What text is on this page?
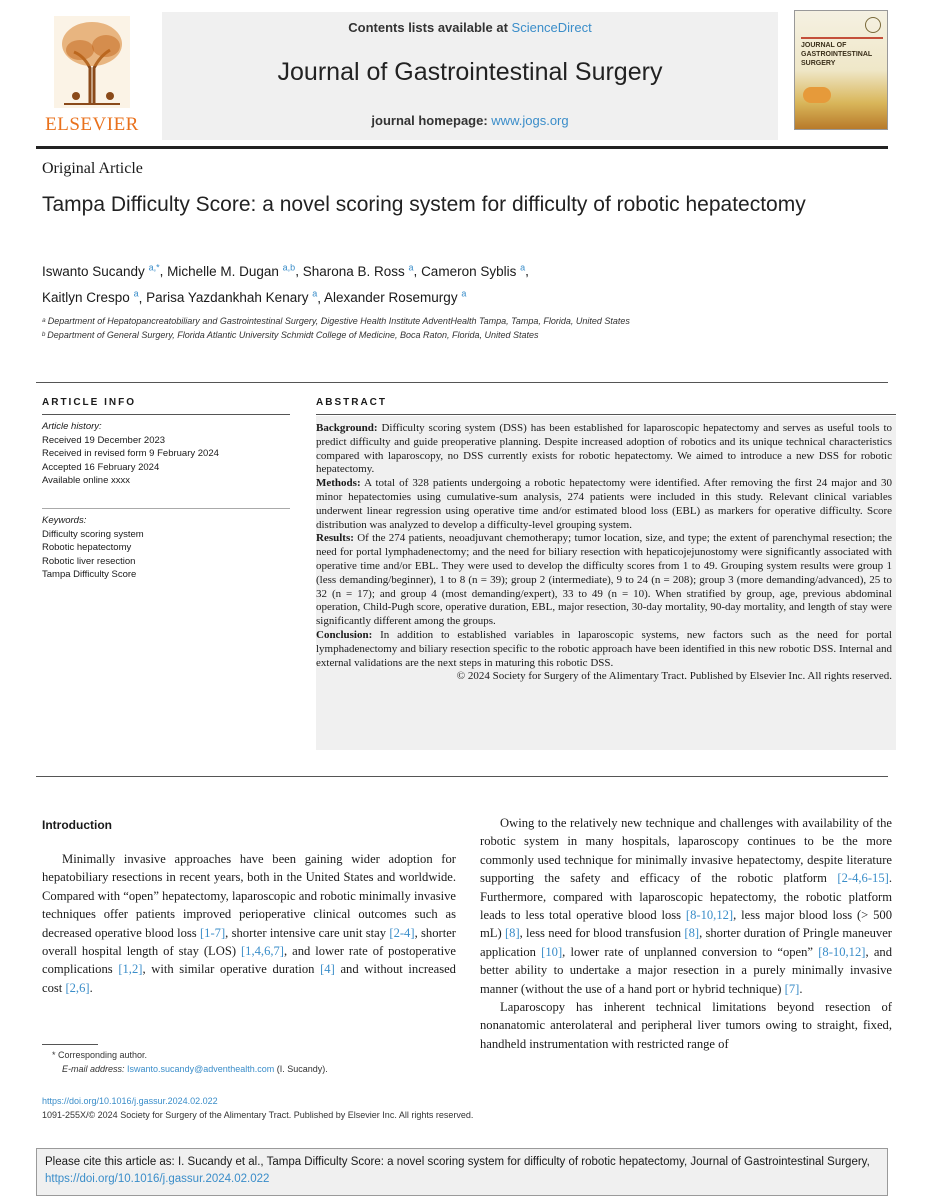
ELSEVIER
Contents lists available at ScienceDirect
Journal of Gastrointestinal Surgery
journal homepage: www.jogs.org
JOURNAL OF GASTROINTESTINAL SURGERY
Original Article
Tampa Difficulty Score: a novel scoring system for difficulty of robotic hepatectomy
Iswanto Sucandy $^{a,*}$, Michelle M. Dugan $^{a,b}$, Sharona B. Ross $^a$, Cameron Syblis $^a$,
Kaitlyn Crespo $^a$, Parisa Yazdankhah Kenary $^a$, Alexander Rosemurgy $^a$
ᵃ Department of Hepatopancreatobiliary and Gastrointestinal Surgery, Digestive Health Institute AdventHealth Tampa, Tampa, Florida, United States
ᵇ Department of General Surgery, Florida Atlantic University Schmidt College of Medicine, Boca Raton, Florida, United States
ARTICLE INFO
Article history:
Received 19 December 2023
Received in revised form 9 February 2024
Accepted 16 February 2024
Available online xxxx
Keywords:
Difficulty scoring system
Robotic hepatectomy
Robotic liver resection
Tampa Difficulty Score
ABSTRACT

Background: Difficulty scoring system (DSS) has been established for laparoscopic hepatectomy and serves as useful tools to predict difficulty and guide preoperative planning. Despite increased adoption of robotics and its unique technical characteristics compared with laparoscopy, no DSS currently exists for robotic hepatectomy. We aimed to introduce a new DSS for robotic hepatectomy.

Methods: A total of 328 patients undergoing a robotic hepatectomy were identified. After removing the first 24 major and 30 minor hepatectomies using cumulative-sum analysis, 274 patients were included in this study. Relevant clinical variables underwent linear regression using operative time and/or estimated blood loss (EBL) as markers for operative difficulty. Score distribution was analyzed to develop a difficulty-level grouping system.

Results: Of the 274 patients, neoadjuvant chemotherapy; tumor location, size, and type; the extent of parenchymal resection; the need for portal lymphadenectomy; and the need for biliary resection with hepaticojejunostomy were significantly associated with operative time and/or EBL. They were used to develop the difficulty scores from 1 to 49. Grouping system results were group 1 (less demanding/beginner), 1 to 8 (n = 39); group 2 (intermediate), 9 to 24 (n = 208); group 3 (more demanding/advanced), 25 to 32 (n = 17); and group 4 (most demanding/expert), 33 to 49 (n = 10). When stratified by group, age, previous abdominal operation, Child-Pugh score, operative duration, EBL, major resection, 30-day mortality, 90-day mortality, and length of stay were significantly different among the groups.

Conclusion: In addition to established variables in laparoscopic systems, new factors such as the need for portal lymphadenectomy and biliary resection specific to the robotic approach have been identified in this new robotic DSS. Internal and external validations are the next steps in maturing this robotic DSS.

© 2024 Society for Surgery of the Alimentary Tract. Published by Elsevier Inc. All rights reserved.

Introduction

Minimally invasive approaches have been gaining wider adoption for hepatobiliary resections in recent years, both in the United States and worldwide. Compared with “open” hepatectomy, laparoscopic and robotic minimally invasive techniques offer patients improved perioperative clinical outcomes such as decreased operative blood loss [1-7], shorter intensive care unit stay [2-4], shorter overall hospital length of stay (LOS) [1,4,6,7], and lower rate of postoperative complications [1,2], with similar operative duration [4] and without increased cost [2,6].

Owing to the relatively new technique and challenges with availability of the robotic system in many hospitals, laparoscopy continues to be the more commonly used technique for minimally invasive hepatectomy, despite literature supporting the safety and efficacy of the robotic platform [2-4,6-15]. Furthermore, compared with laparoscopic hepatectomy, the robotic platform leads to less total operative blood loss [8-10,12], less major blood loss (> 500 mL) [8], less need for blood transfusion [8], shorter duration of Pringle maneuver application [10], lower rate of unplanned conversion to “open” [8-10,12], and better ability to undertake a major resection in a purely minimally invasive manner (without the use of a hand port or hybrid technique) [7].

Laparoscopy has inherent technical limitations beyond resection of nonanatomic anterolateral and peripheral liver tumors owing to straight, fixed, handheld instrumentation with restricted range of

* Corresponding author.
E-mail address: Iswanto.sucandy@adventhealth.com (I. Sucandy).
https://doi.org/10.1016/j.gassur.2024.02.022
1091-255X/© 2024 Society for Surgery of the Alimentary Tract. Published by Elsevier Inc. All rights reserved.
Please cite this article as: I. Sucandy et al., Tampa Difficulty Score: a novel scoring system for difficulty of robotic hepatectomy, Journal of Gastrointestinal Surgery, https://doi.org/10.1016/j.gassur.2024.02.022
